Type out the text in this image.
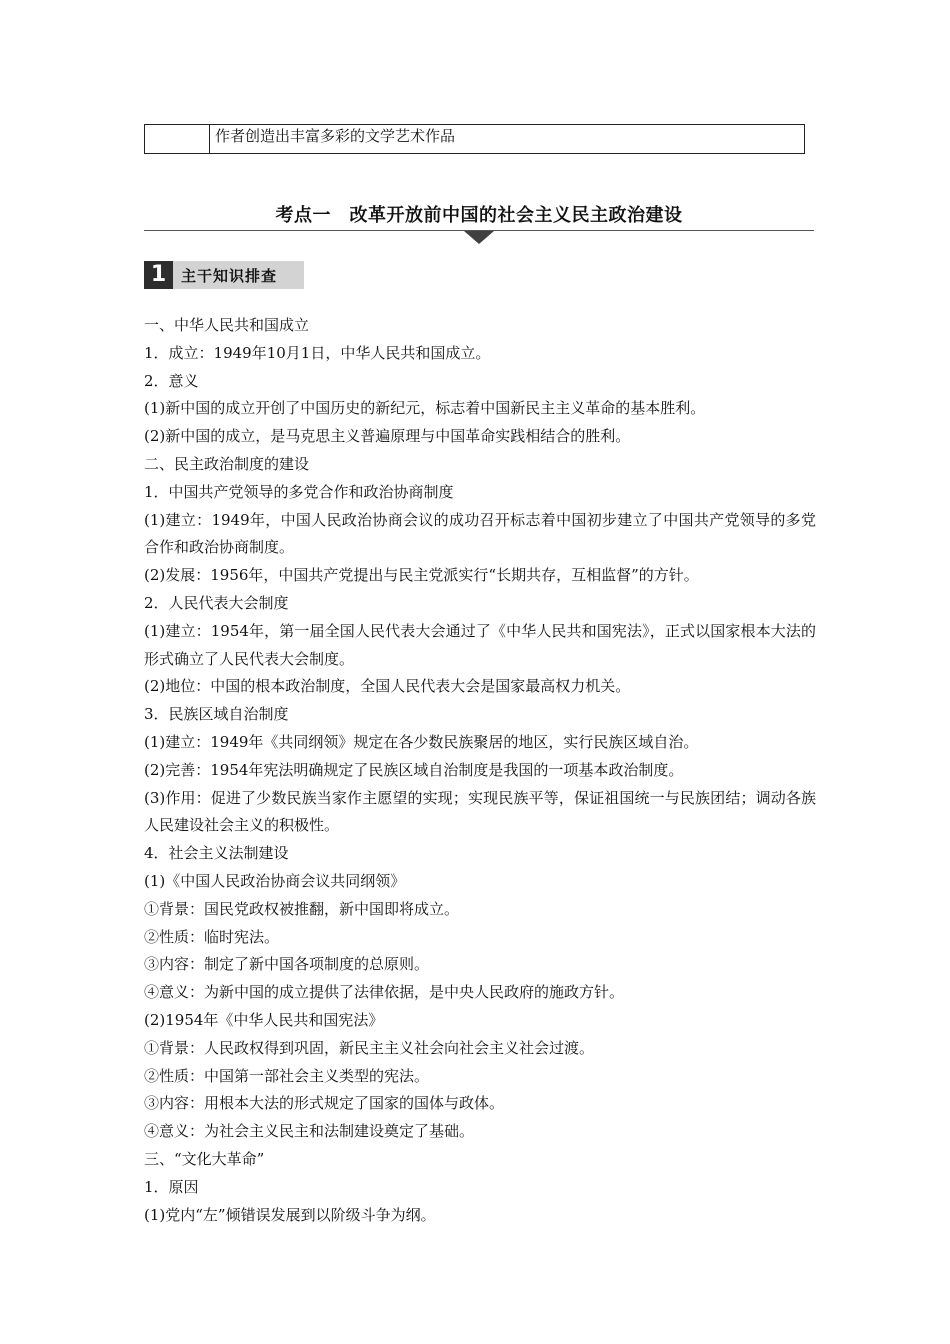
作者创造出丰富多彩的文学艺术作品
考点一　改革开放前中国的社会主义民主政治建设
1 主干知识排查

一、中华人民共和国成立

1．成立：1949年10月1日，中华人民共和国成立。

2．意义

(1)新中国的成立开创了中国历史的新纪元，标志着中国新民主主义革命的基本胜利。

(2)新中国的成立，是马克思主义普遍原理与中国革命实践相结合的胜利。

二、民主政治制度的建设

1．中国共产党领导的多党合作和政治协商制度

(1)建立：1949年，中国人民政治协商会议的成功召开标志着中国初步建立了中国共产党领导的多党合作和政治协商制度。

(2)发展：1956年，中国共产党提出与民主党派实行“长期共存，互相监督”的方针。

2．人民代表大会制度

(1)建立：1954年，第一届全国人民代表大会通过了《中华人民共和国宪法》，正式以国家根本大法的形式确立了人民代表大会制度。

(2)地位：中国的根本政治制度，全国人民代表大会是国家最高权力机关。

3．民族区域自治制度

(1)建立：1949年《共同纲领》规定在各少数民族聚居的地区，实行民族区域自治。

(2)完善：1954年宪法明确规定了民族区域自治制度是我国的一项基本政治制度。

(3)作用：促进了少数民族当家作主愿望的实现；实现民族平等，保证祖国统一与民族团结；调动各族人民建设社会主义的积极性。

4．社会主义法制建设

(1)《中国人民政治协商会议共同纲领》

①背景：国民党政权被推翻，新中国即将成立。

②性质：临时宪法。

③内容：制定了新中国各项制度的总原则。

④意义：为新中国的成立提供了法律依据，是中央人民政府的施政方针。

(2)1954年《中华人民共和国宪法》

①背景：人民政权得到巩固，新民主主义社会向社会主义社会过渡。

②性质：中国第一部社会主义类型的宪法。

③内容：用根本大法的形式规定了国家的国体与政体。

④意义：为社会主义民主和法制建设奠定了基础。

三、“文化大革命”

1．原因

(1)党内“左”倾错误发展到以阶级斗争为纲。
